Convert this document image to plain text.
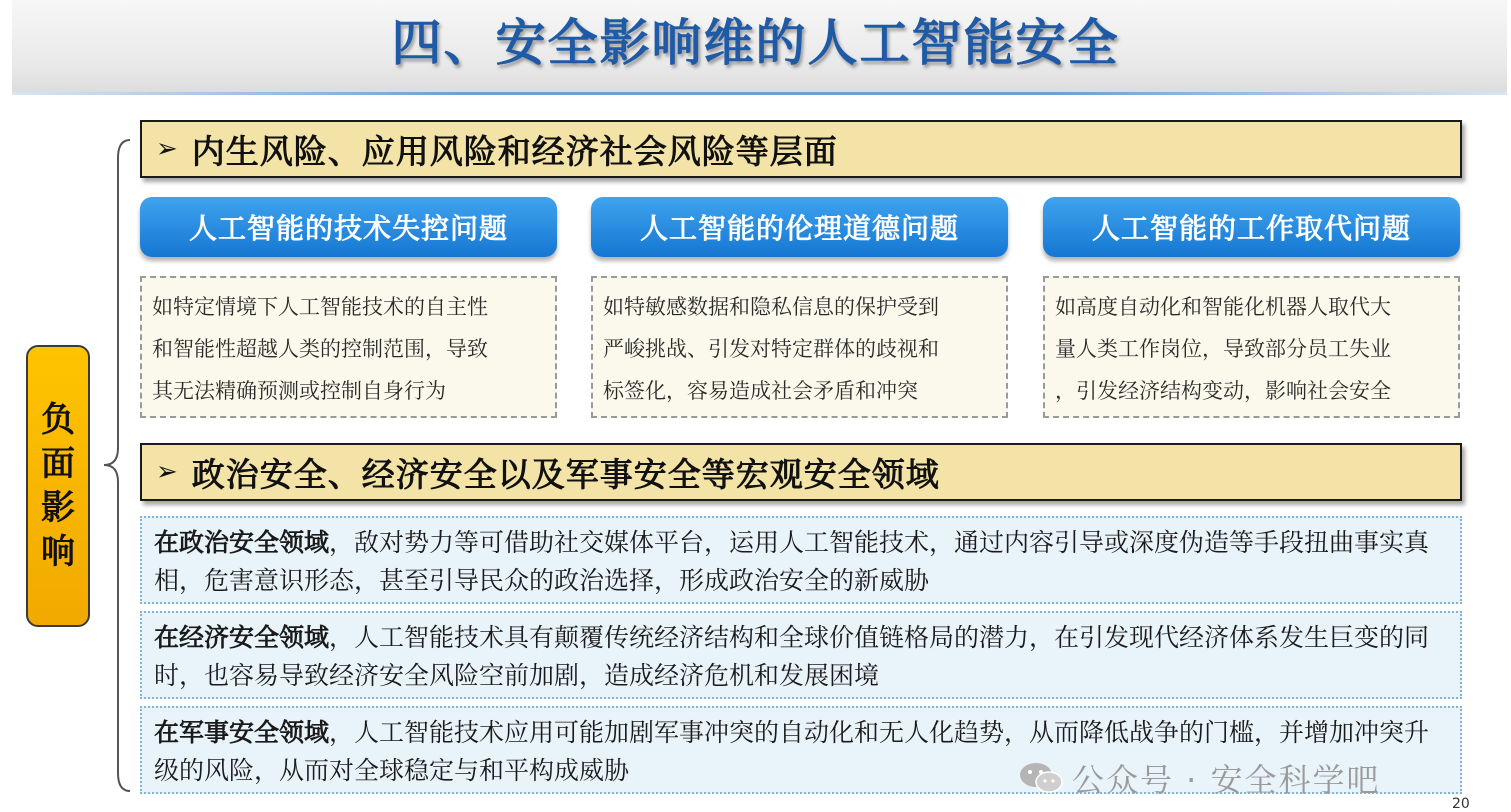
四、安全影响维的人工智能安全
负
面
影
响
➢ 内生风险、应用风险和经济社会风险等层面
人工智能的技术失控问题	人工智能的伦理道德问题	人工智能的工作取代问题
如特定情境下人工智能技术的自主性
和智能性超越人类的控制范围，导致
其无法精确预测或控制自身行为
如特敏感数据和隐私信息的保护受到
严峻挑战、引发对特定群体的歧视和
标签化，容易造成社会矛盾和冲突
如高度自动化和智能化机器人取代大
量人类工作岗位，导致部分员工失业
，引发经济结构变动，影响社会安全
➢ 政治安全、经济安全以及军事安全等宏观安全领域
在政治安全领域，敌对势力等可借助社交媒体平台，运用人工智能技术，通过内容引导或深度伪造等手段扭曲事实真相，危害意识形态，甚至引导民众的政治选择，形成政治安全的新威胁
在经济安全领域，人工智能技术具有颠覆传统经济结构和全球价值链格局的潜力，在引发现代经济体系发生巨变的同时，也容易导致经济安全风险空前加剧，造成经济危机和发展困境
在军事安全领域，人工智能技术应用可能加剧军事冲突的自动化和无人化趋势，从而降低战争的门槛，并增加冲突升级的风险，从而对全球稳定与和平构成威胁	公众号 · 安全科学吧
20
